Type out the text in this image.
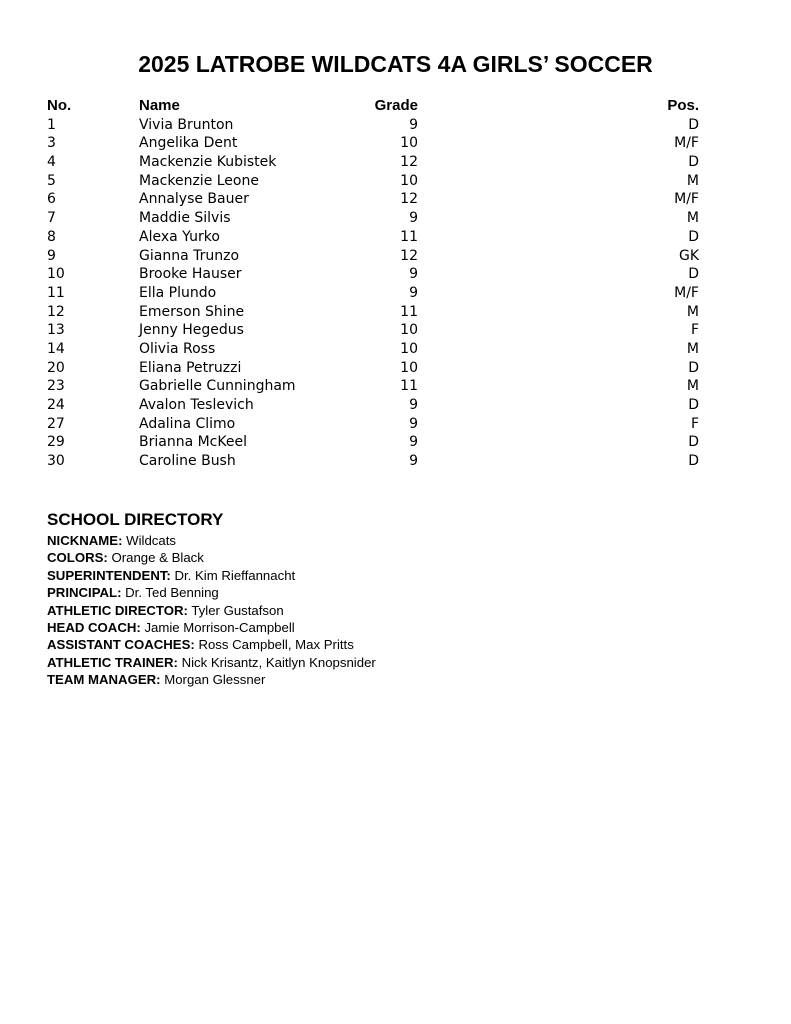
2025 LATROBE WILDCATS 4A GIRLS’ SOCCER
No.	Name	Grade	Pos.
1	Vivia Brunton	9	D
3	Angelika Dent	10	M/F
4	Mackenzie Kubistek	12	D
5	Mackenzie Leone	10	M
6	Annalyse Bauer	12	M/F
7	Maddie Silvis	9	M
8	Alexa Yurko	11	D
9	Gianna Trunzo	12	GK
10	Brooke Hauser	9	D
11	Ella Plundo	9	M/F
12	Emerson Shine	11	M
13	Jenny Hegedus	10	F
14	Olivia Ross	10	M
20	Eliana Petruzzi	10	D
23	Gabrielle Cunningham	11	M
24	Avalon Teslevich	9	D
27	Adalina Climo	9	F
29	Brianna McKeel	9	D
30	Caroline Bush	9	D
SCHOOL DIRECTORY
NICKNAME: Wildcats
COLORS: Orange & Black
SUPERINTENDENT: Dr. Kim Rieffannacht
PRINCIPAL: Dr. Ted Benning
ATHLETIC DIRECTOR: Tyler Gustafson
HEAD COACH: Jamie Morrison-Campbell
ASSISTANT COACHES: Ross Campbell, Max Pritts
ATHLETIC TRAINER: Nick Krisantz, Kaitlyn Knopsnider
TEAM MANAGER: Morgan Glessner
